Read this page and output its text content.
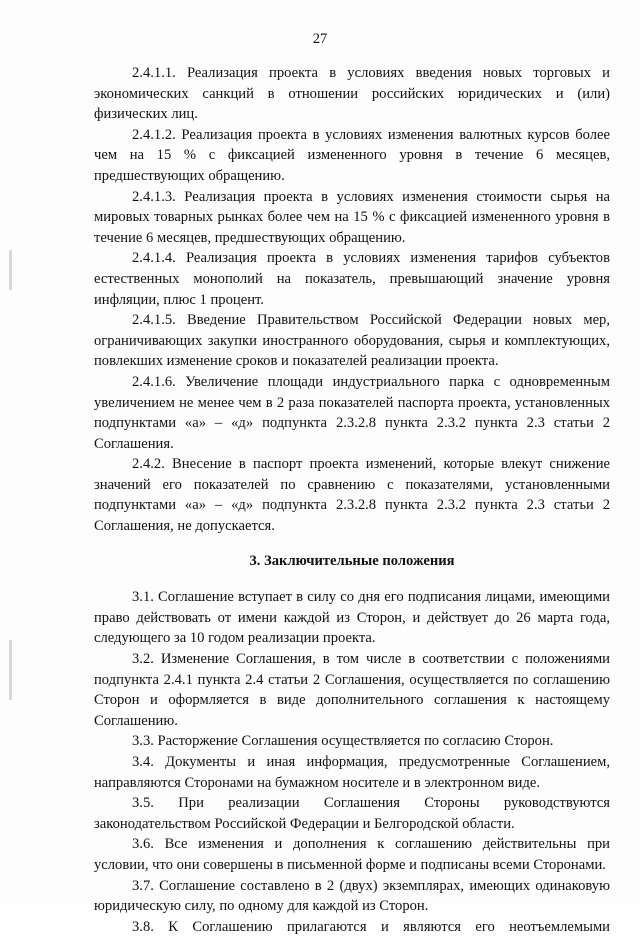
27

2.4.1.1. Реализация проекта в условиях введения новых торговых и экономических санкций в отношении российских юридических и (или) физических лиц.

2.4.1.2. Реализация проекта в условиях изменения валютных курсов более чем на 15 % с фиксацией измененного уровня в течение 6 месяцев, предшествующих обращению.

2.4.1.3. Реализация проекта в условиях изменения стоимости сырья на мировых товарных рынках более чем на 15 % с фиксацией измененного уровня в течение 6 месяцев, предшествующих обращению.

2.4.1.4. Реализация проекта в условиях изменения тарифов субъектов естественных монополий на показатель, превышающий значение уровня инфляции, плюс 1 процент.

2.4.1.5. Введение Правительством Российской Федерации новых мер, ограничивающих закупки иностранного оборудования, сырья и комплектующих, повлекших изменение сроков и показателей реализации проекта.

2.4.1.6. Увеличение площади индустриального парка с одновременным увеличением не менее чем в 2 раза показателей паспорта проекта, установленных подпунктами «а» – «д» подпункта 2.3.2.8 пункта 2.3.2 пункта 2.3 статьи 2 Соглашения.

2.4.2. Внесение в паспорт проекта изменений, которые влекут снижение значений его показателей по сравнению с показателями, установленными подпунктами «а» – «д» подпункта 2.3.2.8 пункта 2.3.2 пункта 2.3 статьи 2 Соглашения, не допускается.

3. Заключительные положения

3.1. Соглашение вступает в силу со дня его подписания лицами, имеющими право действовать от имени каждой из Сторон, и действует до 26 марта года, следующего за 10 годом реализации проекта.

3.2. Изменение Соглашения, в том числе в соответствии с положениями подпункта 2.4.1 пункта 2.4 статьи 2 Соглашения, осуществляется по соглашению Сторон и оформляется в виде дополнительного соглашения к настоящему Соглашению.

3.3. Расторжение Соглашения осуществляется по согласию Сторон.

3.4. Документы и иная информация, предусмотренные Соглашением, направляются Сторонами на бумажном носителе и в электронном виде.

3.5. При реализации Соглашения Стороны руководствуются законодательством Российской Федерации и Белгородской области.

3.6. Все изменения и дополнения к соглашению действительны при условии, что они совершены в письменной форме и подписаны всеми Сторонами.

3.7. Соглашение составлено в 2 (двух) экземплярах, имеющих одинаковую юридическую силу, по одному для каждой из Сторон.

3.8. К Соглашению прилагаются и являются его неотъемлемыми
